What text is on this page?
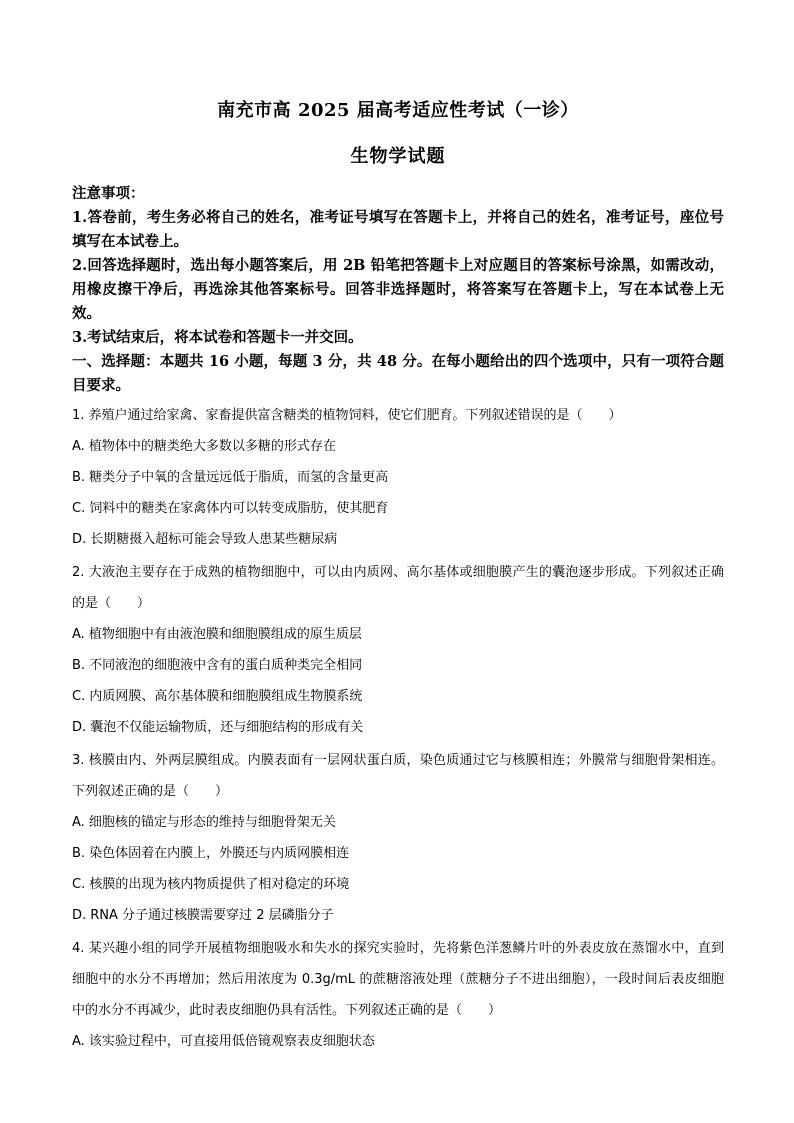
南充市高 2025 届高考适应性考试（一诊）
生物学试题

注意事项：

1.答卷前，考生务必将自己的姓名，准考证号填写在答题卡上，并将自己的姓名，准考证号，座位号填写在本试卷上。

2.回答选择题时，选出每小题答案后，用 2B 铅笔把答题卡上对应题目的答案标号涂黑，如需改动，用橡皮擦干净后，再选涂其他答案标号。回答非选择题时，将答案写在答题卡上，写在本试卷上无效。

3.考试结束后，将本试卷和答题卡一并交回。

一、选择题：本题共 16 小题，每题 3 分，共 48 分。在每小题给出的四个选项中，只有一项符合题目要求。

1. 养殖户通过给家禽、家畜提供富含糖类的植物饲料，使它们肥育。下列叙述错误的是（　　）

A. 植物体中的糖类绝大多数以多糖的形式存在

B. 糖类分子中氧的含量远远低于脂质，而氢的含量更高

C. 饲料中的糖类在家禽体内可以转变成脂肪，使其肥育

D. 长期糖摄入超标可能会导致人患某些糖尿病

2. 大液泡主要存在于成熟的植物细胞中，可以由内质网、高尔基体或细胞膜产生的囊泡逐步形成。下列叙述正确的是（　　）

A. 植物细胞中有由液泡膜和细胞膜组成的原生质层

B. 不同液泡的细胞液中含有的蛋白质种类完全相同

C. 内质网膜、高尔基体膜和细胞膜组成生物膜系统

D. 囊泡不仅能运输物质，还与细胞结构的形成有关

3. 核膜由内、外两层膜组成。内膜表面有一层网状蛋白质，染色质通过它与核膜相连；外膜常与细胞骨架相连。下列叙述正确的是（　　）

A. 细胞核的锚定与形态的维持与细胞骨架无关

B. 染色体固着在内膜上，外膜还与内质网膜相连

C. 核膜的出现为核内物质提供了相对稳定的环境

D. RNA 分子通过核膜需要穿过 2 层磷脂分子

4. 某兴趣小组的同学开展植物细胞吸水和失水的探究实验时，先将紫色洋葱鳞片叶的外表皮放在蒸馏水中，直到细胞中的水分不再增加；然后用浓度为 0.3g/mL 的蔗糖溶液处理（蔗糖分子不进出细胞），一段时间后表皮细胞中的水分不再减少，此时表皮细胞仍具有活性。下列叙述正确的是（　　）

A. 该实验过程中，可直接用低倍镜观察表皮细胞状态
